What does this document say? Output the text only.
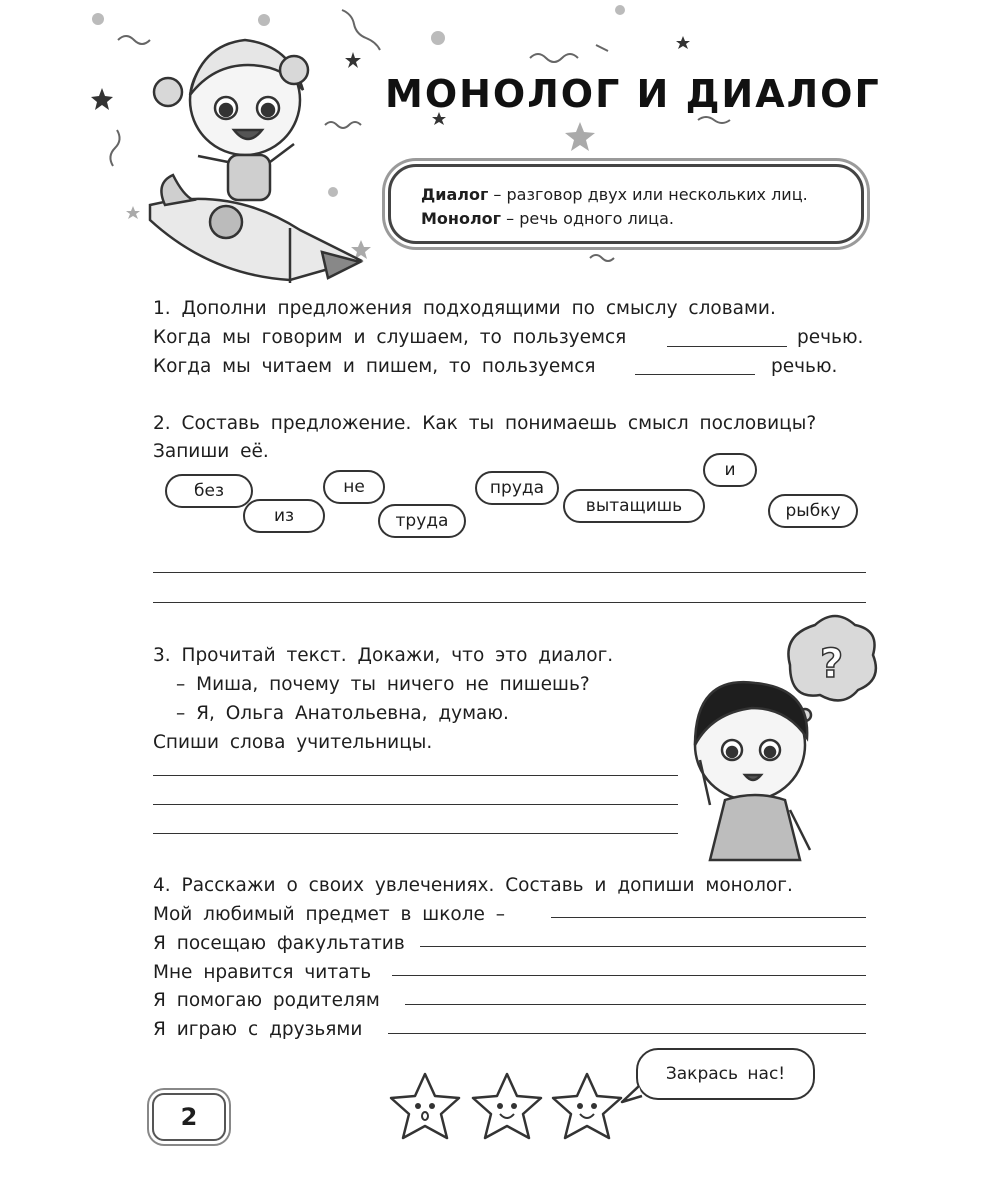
МОНОЛОГ И ДИАЛОГ
Диалог – разговор двух или нескольких лиц.
Монолог – речь одного лица.
1. Дополни предложения подходящими по смыслу словами.
Когда мы говорим и слушаем, то пользуемся	речью.
Когда мы читаем и пишем, то пользуемся	речью.
2. Составь предложение. Как ты понимаешь смысл пословицы?
Запиши её.
без
из
не
труда
пруда
вытащишь
и
рыбку
3. Прочитай текст. Докажи, что это диалог.
– Миша, почему ты ничего не пишешь?
– Я, Ольга Анатольевна, думаю.
Спиши слова учительницы.
?
4. Расскажи о своих увлечениях. Составь и допиши монолог.
Мой любимый предмет в школе –
Я посещаю факультатив
Мне нравится читать
Я помогаю родителям
Я играю с друзьями
2
Закрась нас!
